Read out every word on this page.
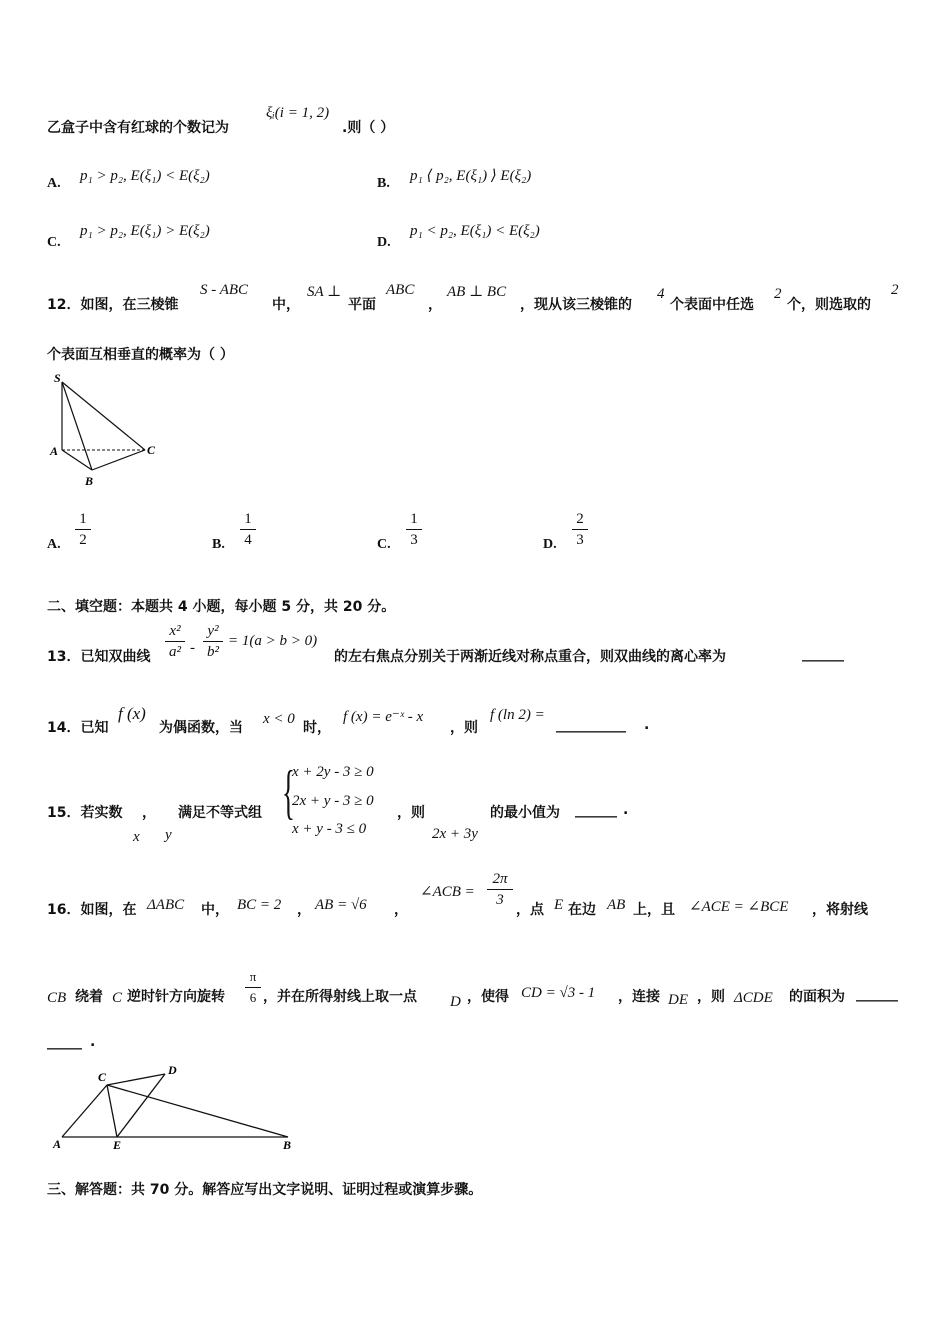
乙盒子中含有红球的个数记为
ξᵢ(i = 1, 2)
.则（ ）
A. p₁ > p₂, E(ξ₁) < E(ξ₂)	B. p₁ ⟨ p₂, E(ξ₁) ⟩ E(ξ₂)
C.
p₁ > p₂, E(ξ₁) > E(ξ₂)
D.
p₁ < p₂, E(ξ₁) < E(ξ₂)
12．如图，在三棱锥
S - ABC
中，
SA ⊥
平面
ABC
，
AB ⊥ BC
，现从该三棱锥的
4
个表面中任选
2
个，则选取的
2
个表面互相垂直的概率为（ ）
S
A
B
C
A.
1
2	B.
1
4	C.
1
3	D.
2
3
二、填空题：本题共 4 小题，每小题 5 分，共 20 分。
13．已知双曲线
x²
a² -
y²
b²
= 1(a > b > 0)
的左右焦点分别关于两渐近线对称点重合，则双曲线的离心率为	______
14．已知
f (x)
为偶函数，当
x < 0
时，
f (x) = e⁻ˣ - x
，则
f (ln 2) =
__________ .
15．若实数 ， 满足不等式组 {
x + 2y - 3 ≥ 0
2x + y - 3 ≥ 0
x + y - 3 ≤ 0
，则	的最小值为 ______ .
x y	2x + 3y
16．如图，在 ΔABC 中， BC = 2 ， AB = √6 ，
∠ACB =
2π
3
，点 E 在边 AB 上，且 ∠ACE = ∠BCE ，将射线
CB 绕着 C 逆时针方向旋转
π
6 ，并在所得射线上取一点 D ，使得 CD = √3 - 1 ，连接 DE ，则 ΔCDE 的面积为 ______
_____ .
C	D
A	E	B
三、解答题：共 70 分。解答应写出文字说明、证明过程或演算步骤。
